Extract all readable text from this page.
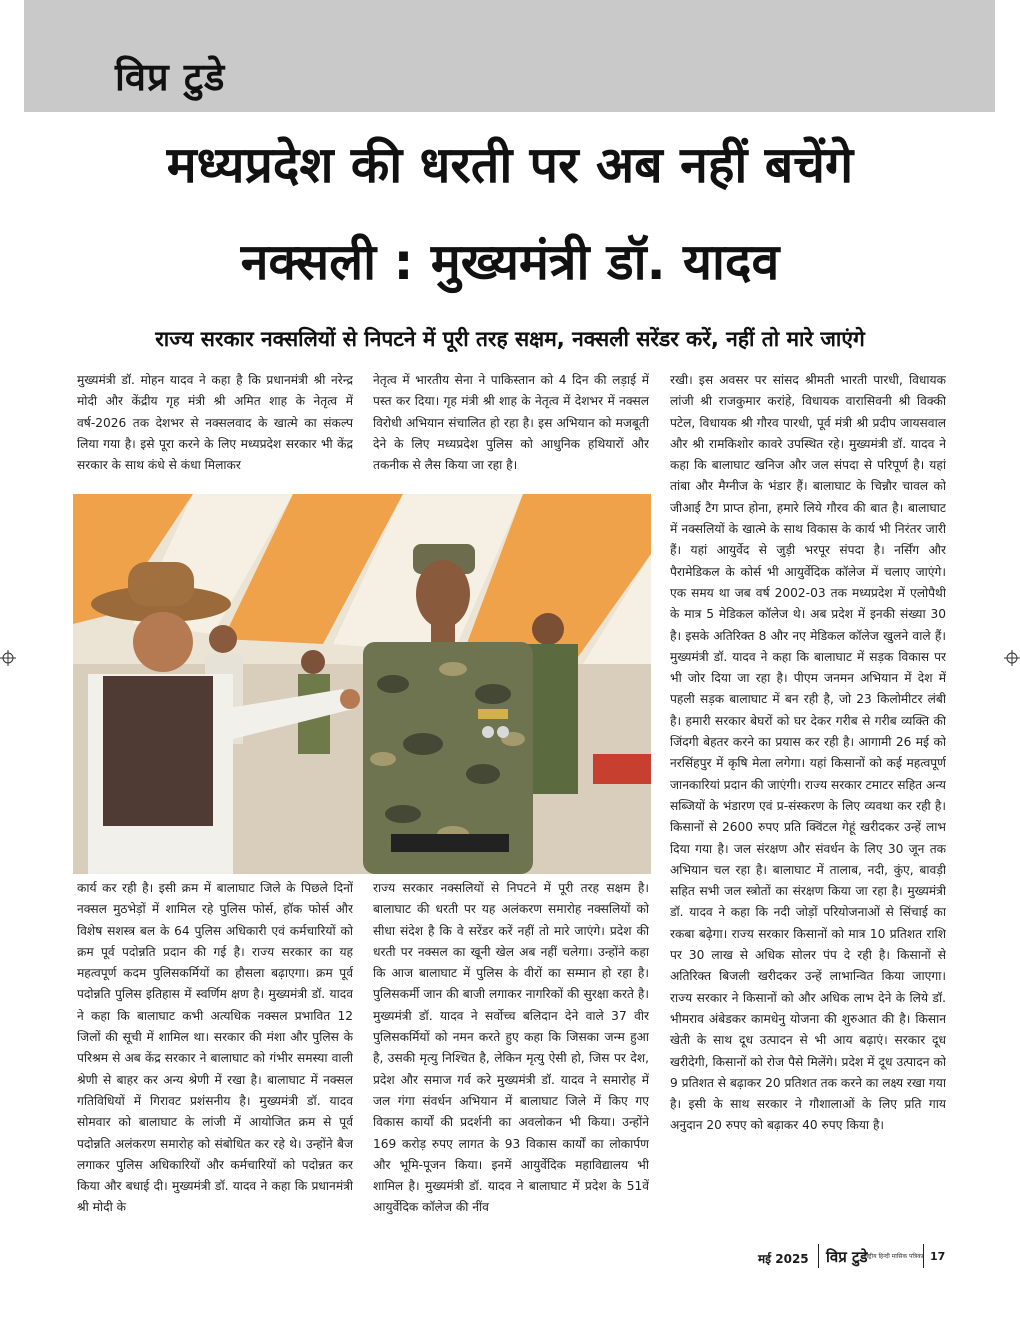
विप्र टुडे
मध्यप्रदेश की धरती पर अब नहीं बचेंगे
नक्सली : मुख्यमंत्री डॉ. यादव
राज्य सरकार नक्सलियों से निपटने में पूरी तरह सक्षम, नक्सली सरेंडर करें, नहीं तो मारे जाएंगे

मुख्यमंत्री डॉ. मोहन यादव ने कहा है कि प्रधानमंत्री श्री नरेन्द्र मोदी और केंद्रीय गृह मंत्री श्री अमित शाह के नेतृत्व में वर्ष-2026 तक देशभर से नक्सलवाद के खात्मे का संकल्प लिया गया है। इसे पूरा करने के लिए मध्यप्रदेश सरकार भी केंद्र सरकार के साथ कंधे से कंधा मिलाकर

नेतृत्व में भारतीय सेना ने पाकिस्तान को 4 दिन की लड़ाई में पस्त कर दिया। गृह मंत्री श्री शाह के नेतृत्व में देशभर में नक्सल विरोधी अभियान संचालित हो रहा है। इस अभियान को मजबूती देने के लिए मध्यप्रदेश पुलिस को आधुनिक हथियारों और तकनीक से लैस किया जा रहा है।

कार्य कर रही है। इसी क्रम में बालाघाट जिले के पिछले दिनों नक्सल मुठभेड़ों में शामिल रहे पुलिस फोर्स, हॉक फोर्स और विशेष सशस्त्र बल के 64 पुलिस अधिकारी एवं कर्मचारियों को क्रम पूर्व पदोन्नति प्रदान की गई है। राज्य सरकार का यह महत्वपूर्ण कदम पुलिसकर्मियों का हौसला बढ़ाएगा। क्रम पूर्व पदोन्नति पुलिस इतिहास में स्वर्णिम क्षण है। मुख्यमंत्री डॉ. यादव ने कहा कि बालाघाट कभी अत्यधिक नक्सल प्रभावित 12 जिलों की सूची में शामिल था। सरकार की मंशा और पुलिस के परिश्रम से अब केंद्र सरकार ने बालाघाट को गंभीर समस्या वाली श्रेणी से बाहर कर अन्य श्रेणी में रखा है। बालाघाट में नक्सल गतिविधियों में गिरावट प्रशंसनीय है। मुख्यमंत्री डॉ. यादव सोमवार को बालाघाट के लांजी में आयोजित क्रम से पूर्व पदोन्नति अलंकरण समारोह को संबोधित कर रहे थे। उन्होंने बैज लगाकर पुलिस अधिकारियों और कर्मचारियों को पदोन्नत कर किया और बधाई दी। मुख्यमंत्री डॉ. यादव ने कहा कि प्रधानमंत्री श्री मोदी के

राज्य सरकार नक्सलियों से निपटने में पूरी तरह सक्षम है। बालाघाट की धरती पर यह अलंकरण समारोह नक्सलियों को सीधा संदेश है कि वे सरेंडर करें नहीं तो मारे जाएंगे। प्रदेश की धरती पर नक्सल का खूनी खेल अब नहीं चलेगा। उन्होंने कहा कि आज बालाघाट में पुलिस के वीरों का सम्मान हो रहा है। पुलिसकर्मी जान की बाजी लगाकर नागरिकों की सुरक्षा करते है। मुख्यमंत्री डॉ. यादव ने सर्वोच्च बलिदान देने वाले 37 वीर पुलिसकर्मियों को नमन करते हुए कहा कि जिसका जन्म हुआ है, उसकी मृत्यु निश्चित है, लेकिन मृत्यु ऐसी हो, जिस पर देश, प्रदेश और समाज गर्व करे मुख्यमंत्री डॉ. यादव ने समारोह में जल गंगा संवर्धन अभियान में बालाघाट जिले में किए गए विकास कार्यों की प्रदर्शनी का अवलोकन भी किया। उन्होंने 169 करोड़ रुपए लागत के 93 विकास कार्यों का लोकार्पण और भूमि-पूजन किया। इनमें आयुर्वेदिक महाविद्यालय भी शामिल है। मुख्यमंत्री डॉ. यादव ने बालाघाट में प्रदेश के 51वें आयुर्वेदिक कॉलेज की नींव

रखी। इस अवसर पर सांसद श्रीमती भारती पारधी, विधायक लांजी श्री राजकुमार करांहे, विधायक वारासिवनी श्री विक्की पटेल, विधायक श्री गौरव पारधी, पूर्व मंत्री श्री प्रदीप जायसवाल और श्री रामकिशोर कावरे उपस्थित रहे। मुख्यमंत्री डॉ. यादव ने कहा कि बालाघाट खनिज और जल संपदा से परिपूर्ण है। यहां तांबा और मैग्नीज के भंडार हैं। बालाघाट के चिन्नौर चावल को जीआई टैग प्राप्त होना, हमारे लिये गौरव की बात है। बालाघाट में नक्सलियों के खात्मे के साथ विकास के कार्य भी निरंतर जारी हैं। यहां आयुर्वेद से जुड़ी भरपूर संपदा है। नर्सिंग और पैरामेडिकल के कोर्स भी आयुर्वेदिक कॉलेज में चलाए जाएंगे। एक समय था जब वर्ष 2002-03 तक मध्यप्रदेश में एलोपैथी के मात्र 5 मेडिकल कॉलेज थे। अब प्रदेश में इनकी संख्या 30 है। इसके अतिरिक्त 8 और नए मेडिकल कॉलेज खुलने वाले हैं। मुख्यमंत्री डॉ. यादव ने कहा कि बालाघाट में सड़क विकास पर भी जोर दिया जा रहा है। पीएम जनमन अभियान में देश में पहली सड़क बालाघाट में बन रही है, जो 23 किलोमीटर लंबी है। हमारी सरकार बेघरों को घर देकर गरीब से गरीब व्यक्ति की जिंदगी बेहतर करने का प्रयास कर रही है। आगामी 26 मई को नरसिंहपुर में कृषि मेला लगेगा। यहां किसानों को कई महत्वपूर्ण जानकारियां प्रदान की जाएंगी। राज्य सरकार टमाटर सहित अन्य सब्जियों के भंडारण एवं प्र-संस्करण के लिए व्यवथा कर रही है। किसानों से 2600 रुपए प्रति क्विंटल गेहूं खरीदकर उन्हें लाभ दिया गया है। जल संरक्षण और संवर्धन के लिए 30 जून तक अभियान चल रहा है। बालाघाट में तालाब, नदी, कुंए, बावड़ी सहित सभी जल स्त्रोतों का संरक्षण किया जा रहा है। मुख्यमंत्री डॉ. यादव ने कहा कि नदी जोड़ों परियोजनाओं से सिंचाई का रकबा बढ़ेगा। राज्य सरकार किसानों को मात्र 10 प्रतिशत राशि पर 30 लाख से अधिक सोलर पंप दे रही है। किसानों से अतिरिक्त बिजली खरीदकर उन्हें लाभान्वित किया जाएगा। राज्य सरकार ने किसानों को और अधिक लाभ देने के लिये डॉ. भीमराव अंबेडकर कामधेनु योजना की शुरुआत की है। किसान खेती के साथ दूध उत्पादन से भी आय बढ़ाएं। सरकार दूध खरीदेगी, किसानों को रोज पैसे मिलेंगे। प्रदेश में दूध उत्पादन को 9 प्रतिशत से बढ़ाकर 20 प्रतिशत तक करने का लक्ष्य रखा गया है। इसी के साथ सरकार ने गौशालाओं के लिए प्रति गाय अनुदान 20 रुपए को बढ़ाकर 40 रुपए किया है।

मई 2025 विप्र टुडे
राष्ट्रीय हिन्दी मासिक पत्रिका 17
